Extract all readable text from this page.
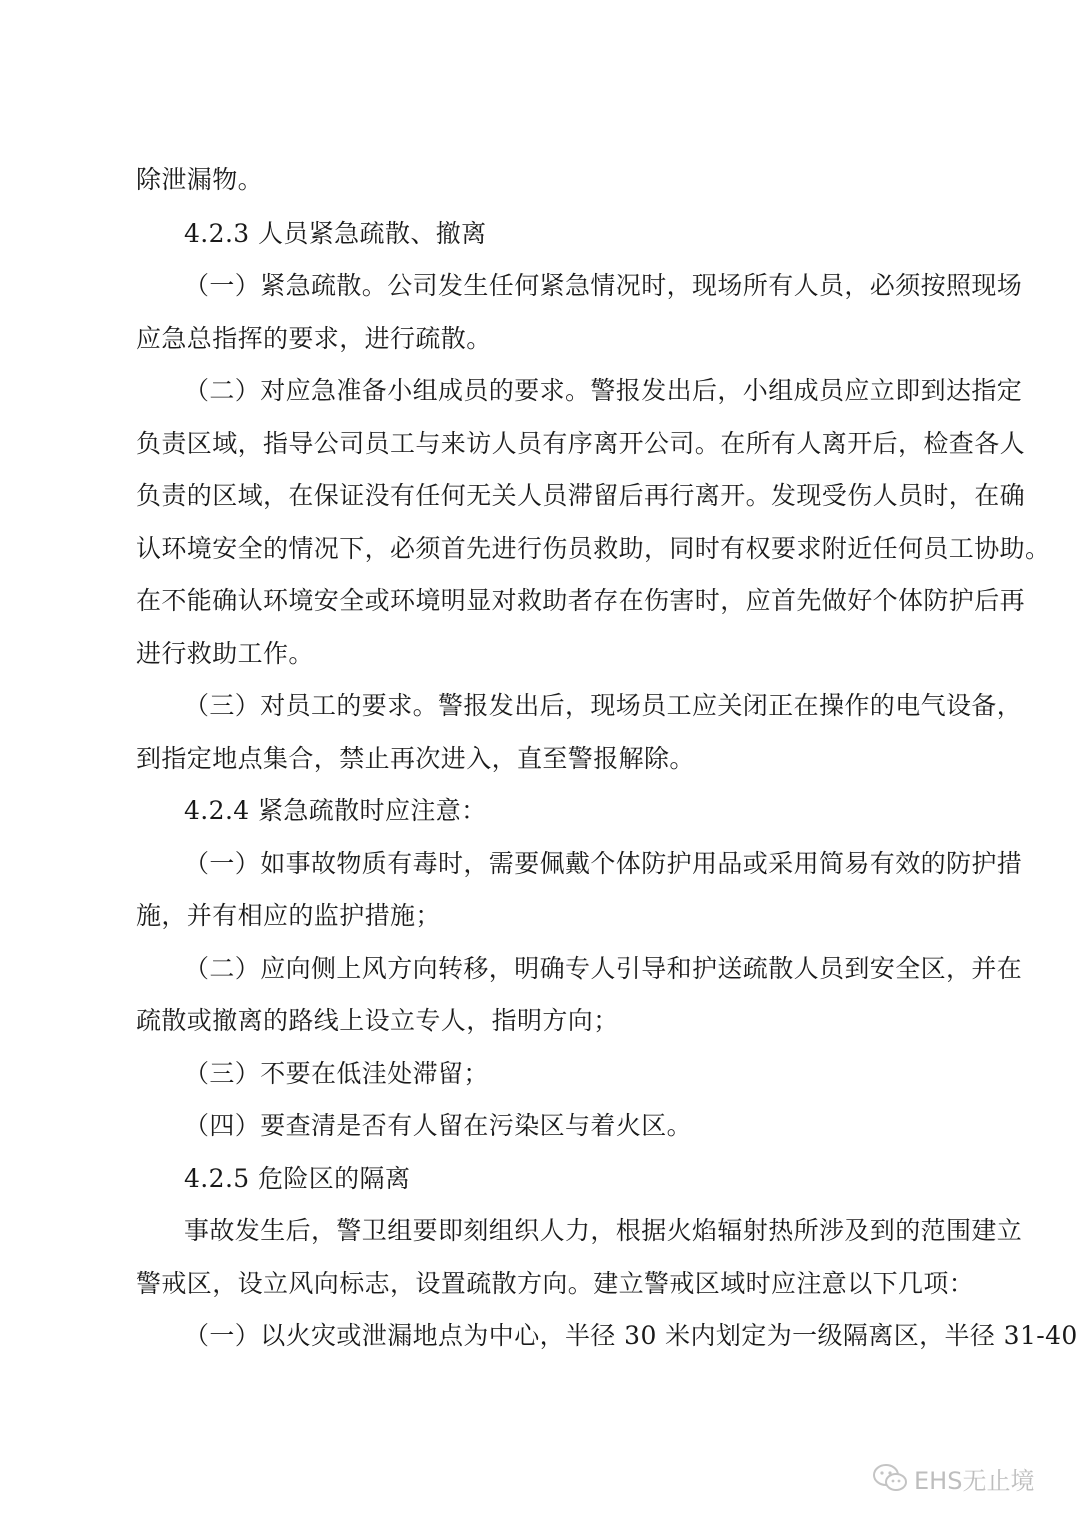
除泄漏物。
4.2.3 人员紧急疏散、撤离
（一）紧急疏散。公司发生任何紧急情况时，现场所有人员，必须按照现场
应急总指挥的要求，进行疏散。
（二）对应急准备小组成员的要求。警报发出后，小组成员应立即到达指定
负责区域，指导公司员工与来访人员有序离开公司。在所有人离开后，检查各人
负责的区域，在保证没有任何无关人员滞留后再行离开。发现受伤人员时，在确
认环境安全的情况下，必须首先进行伤员救助，同时有权要求附近任何员工协助。
在不能确认环境安全或环境明显对救助者存在伤害时，应首先做好个体防护后再
进行救助工作。
（三）对员工的要求。警报发出后，现场员工应关闭正在操作的电气设备，
到指定地点集合，禁止再次进入，直至警报解除。
4.2.4 紧急疏散时应注意：
（一）如事故物质有毒时，需要佩戴个体防护用品或采用简易有效的防护措
施，并有相应的监护措施；
（二）应向侧上风方向转移，明确专人引导和护送疏散人员到安全区，并在
疏散或撤离的路线上设立专人，指明方向；
（三）不要在低洼处滞留；
（四）要查清是否有人留在污染区与着火区。
4.2.5 危险区的隔离
事故发生后，警卫组要即刻组织人力，根据火焰辐射热所涉及到的范围建立
警戒区，设立风向标志，设置疏散方向。建立警戒区域时应注意以下几项：
（一）以火灾或泄漏地点为中心，半径 30 米内划定为一级隔离区，半径 31-40
EHS无止境
